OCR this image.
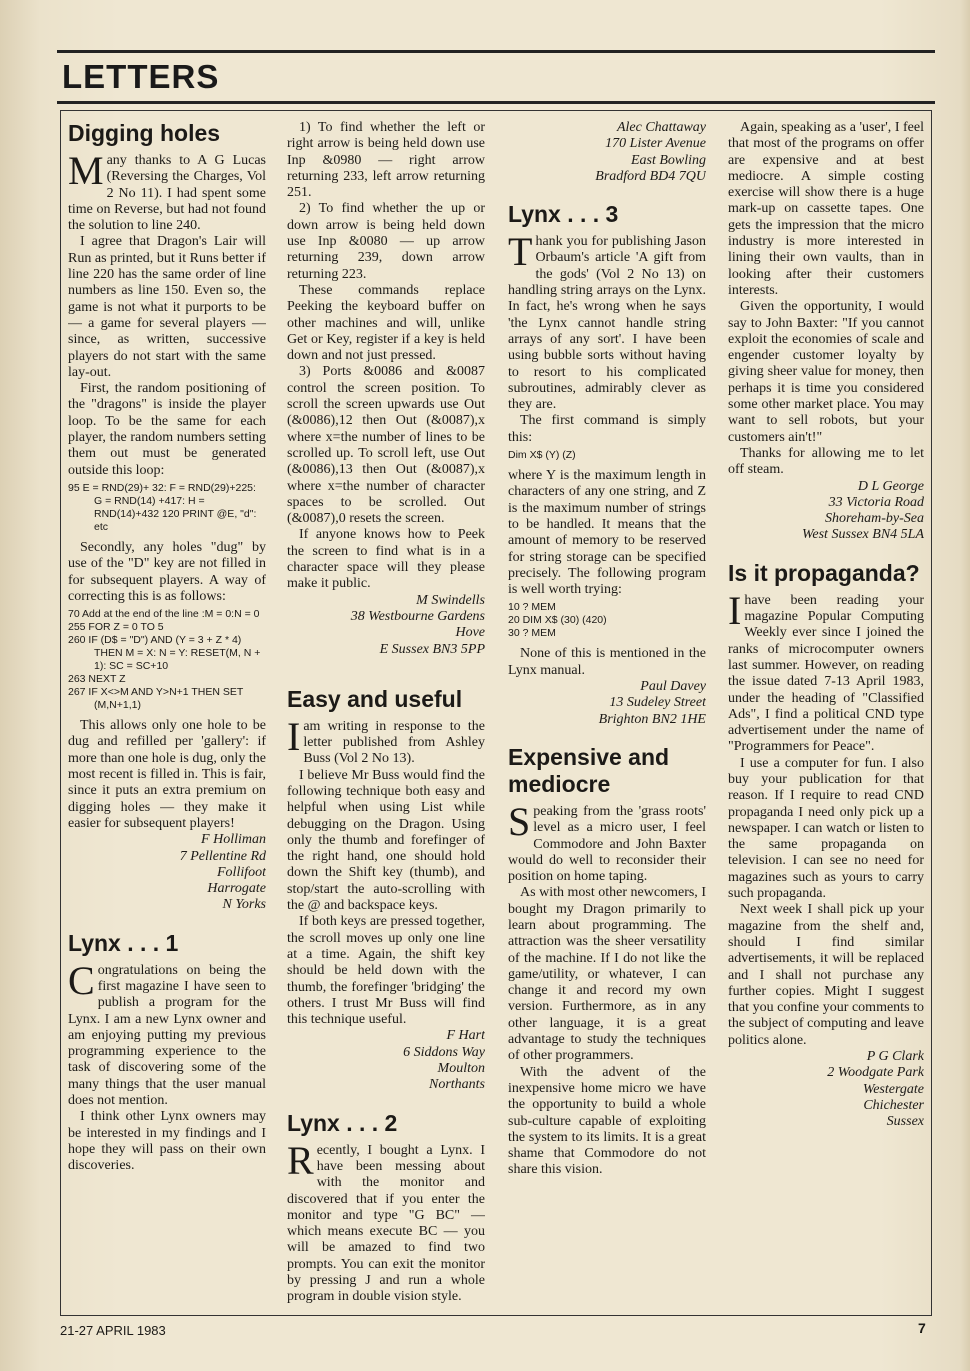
LETTERS
Digging holes

Many thanks to A G Lucas (Reversing the Charges, Vol 2 No 11). I had spent some time on Reverse, but had not found the solution to line 240.

I agree that Dragon's Lair will Run as printed, but it Runs better if line 220 has the same order of line numbers as line 150. Even so, the game is not what it purports to be — a game for several players — since, as written, successive players do not start with the same lay-out.

First, the random positioning of the "dragons" is inside the player loop. To be the same for each player, the random numbers setting them out must be generated outside this loop:

95 E = RND(29)+ 32: F = RND(29)+225: G = RND(14) +417: H = RND(14)+432 120 PRINT @E, "d": etc

Secondly, any holes "dug" by use of the "D" key are not filled in for subsequent players. A way of correcting this is as follows:

70 Add at the end of the line :M = 0:N = 0
255 FOR Z = 0 TO 5
260 IF (D$ = "D") AND (Y = 3 + Z * 4) THEN M = X: N = Y: RESET(M, N + 1): SC = SC+10
263 NEXT Z
267 IF X<>M AND Y>N+1 THEN SET (M,N+1,1)

This allows only one hole to be dug and refilled per 'gallery': if more than one hole is dug, only the most recent is filled in. This is fair, since it puts an extra premium on digging holes — they make it easier for subsequent players!

F Holliman
7 Pellentine Rd
Follifoot
Harrogate
N Yorks
Lynx . . . 1

Congratulations on being the first magazine I have seen to publish a program for the Lynx. I am a new Lynx owner and am enjoying putting my previous programming experience to the task of discovering some of the many things that the user manual does not mention.

I think other Lynx owners may be interested in my findings and I hope they will pass on their own discoveries.

1) To find whether the left or right arrow is being held down use Inp &0980 — right arrow returning 233, left arrow returning 251.

2) To find whether the up or down arrow is being held down use Inp &0080 — up arrow returning 239, down arrow returning 223.

These commands replace Peeking the keyboard buffer on other machines and will, unlike Get or Key, register if a key is held down and not just pressed.

3) Ports &0086 and &0087 control the screen position. To scroll the screen upwards use Out (&0086),12 then Out (&0087),x where x=the number of lines to be scrolled up. To scroll left, use Out (&0086),13 then Out (&0087),x where x=the number of character spaces to be scrolled. Out (&0087),0 resets the screen.

If anyone knows how to Peek the screen to find what is in a character space will they please make it public.

M Swindells
38 Westbourne Gardens
Hove
E Sussex BN3 5PP
Easy and useful

Iam writing in response to the letter published from Ashley Buss (Vol 2 No 13).

I believe Mr Buss would find the following technique both easy and helpful when using List while debugging on the Dragon. Using only the thumb and forefinger of the right hand, one should hold down the Shift key (thumb), and stop/start the auto-scrolling with the @ and backspace keys.

If both keys are pressed together, the scroll moves up only one line at a time. Again, the shift key should be held down with the thumb, the forefinger 'bridging' the others. I trust Mr Buss will find this technique useful.

F Hart
6 Siddons Way
Moulton
Northants
Lynx . . . 2

Recently, I bought a Lynx. I have been messing about with the monitor and discovered that if you enter the monitor and type "G BC" — which means execute BC — you will be amazed to find two prompts. You can exit the monitor by pressing J and run a whole program in double vision style.

Alec Chattaway
170 Lister Avenue
East Bowling
Bradford BD4 7QU
Lynx . . . 3

Thank you for publishing Jason Orbaum's article 'A gift from the gods' (Vol 2 No 13) on handling string arrays on the Lynx. In fact, he's wrong when he says 'the Lynx cannot handle string arrays of any sort'. I have been using bubble sorts without having to resort to his complicated subroutines, admirably clever as they are.

The first command is simply this:

Dim X$ (Y) (Z)

where Y is the maximum length in characters of any one string, and Z is the maximum number of strings to be handled. It means that the amount of memory to be reserved for string storage can be specified precisely. The following program is well worth trying:

10 ? MEM
20 DIM X$ (30) (420)
30 ? MEM

None of this is mentioned in the Lynx manual.

Paul Davey
13 Sudeley Street
Brighton BN2 1HE
Expensive and mediocre

Speaking from the 'grass roots' level as a micro user, I feel Commodore and John Baxter would do well to reconsider their position on home taping.

As with most other newcomers, I bought my Dragon primarily to learn about programming. The attraction was the sheer versatility of the machine. If I do not like the game/utility, or whatever, I can change it and record my own version. Furthermore, as in any other language, it is a great advantage to study the techniques of other programmers.

With the advent of the inexpensive home micro we have the opportunity to build a whole sub-culture capable of exploiting the system to its limits. It is a great shame that Commodore do not share this vision.

Again, speaking as a 'user', I feel that most of the programs on offer are expensive and at best mediocre. A simple costing exercise will show there is a huge mark-up on cassette tapes. One gets the impression that the micro industry is more interested in lining their own vaults, than in looking after their customers interests.

Given the opportunity, I would say to John Baxter: "If you cannot exploit the economies of scale and engender customer loyalty by giving sheer value for money, then perhaps it is time you considered some other market place. You may want to sell robots, but your customers ain't!"

Thanks for allowing me to let off steam.

D L George
33 Victoria Road
Shoreham-by-Sea
West Sussex BN4 5LA
Is it propaganda?

Ihave been reading your magazine Popular Computing Weekly ever since I joined the ranks of microcomputer owners last summer. However, on reading the issue dated 7-13 April 1983, under the heading of "Classified Ads", I find a political CND type advertisement under the name of "Programmers for Peace".

I use a computer for fun. I also buy your publication for that reason. If I require to read CND propaganda I need only pick up a newspaper. I can watch or listen to the same propaganda on television. I can see no need for magazines such as yours to carry such propaganda.

Next week I shall pick up your magazine from the shelf and, should I find similar advertisements, it will be replaced and I shall not purchase any further copies. Might I suggest that you confine your comments to the subject of computing and leave politics alone.

P G Clark
2 Woodgate Park
Westergate
Chichester
Sussex
21-27 APRIL 1983	7
